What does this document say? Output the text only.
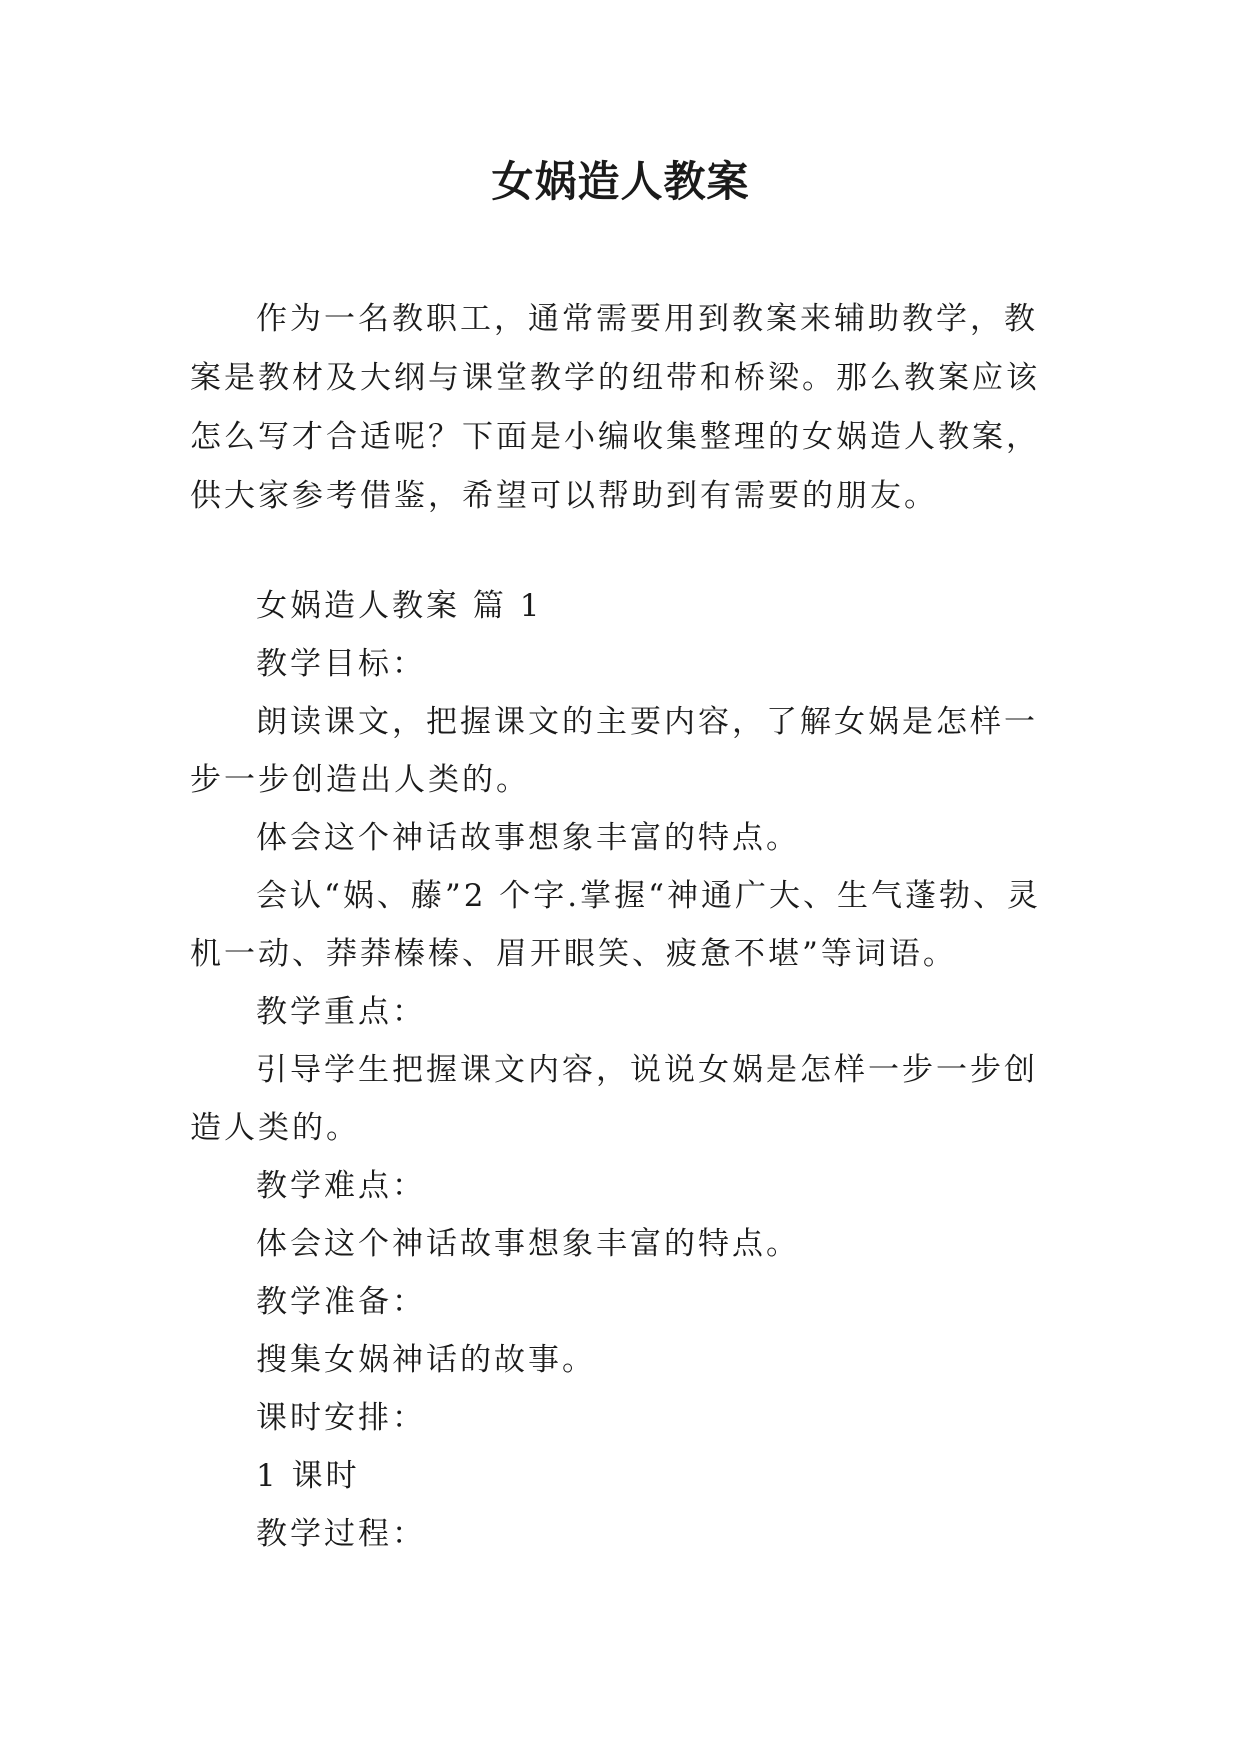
女娲造人教案

作为一名教职工，通常需要用到教案来辅助教学，教案是教材及大纲与课堂教学的纽带和桥梁。那么教案应该怎么写才合适呢？下面是小编收集整理的女娲造人教案，供大家参考借鉴，希望可以帮助到有需要的朋友。

女娲造人教案 篇 1

教学目标：

朗读课文，把握课文的主要内容，了解女娲是怎样一步一步创造出人类的。

体会这个神话故事想象丰富的特点。

会认“娲、藤”2 个字.掌握“神通广大、生气蓬勃、灵机一动、莽莽榛榛、眉开眼笑、疲惫不堪”等词语。

教学重点：

引导学生把握课文内容，说说女娲是怎样一步一步创造人类的。

教学难点：

体会这个神话故事想象丰富的特点。

教学准备：

搜集女娲神话的故事。

课时安排：

1 课时

教学过程：
